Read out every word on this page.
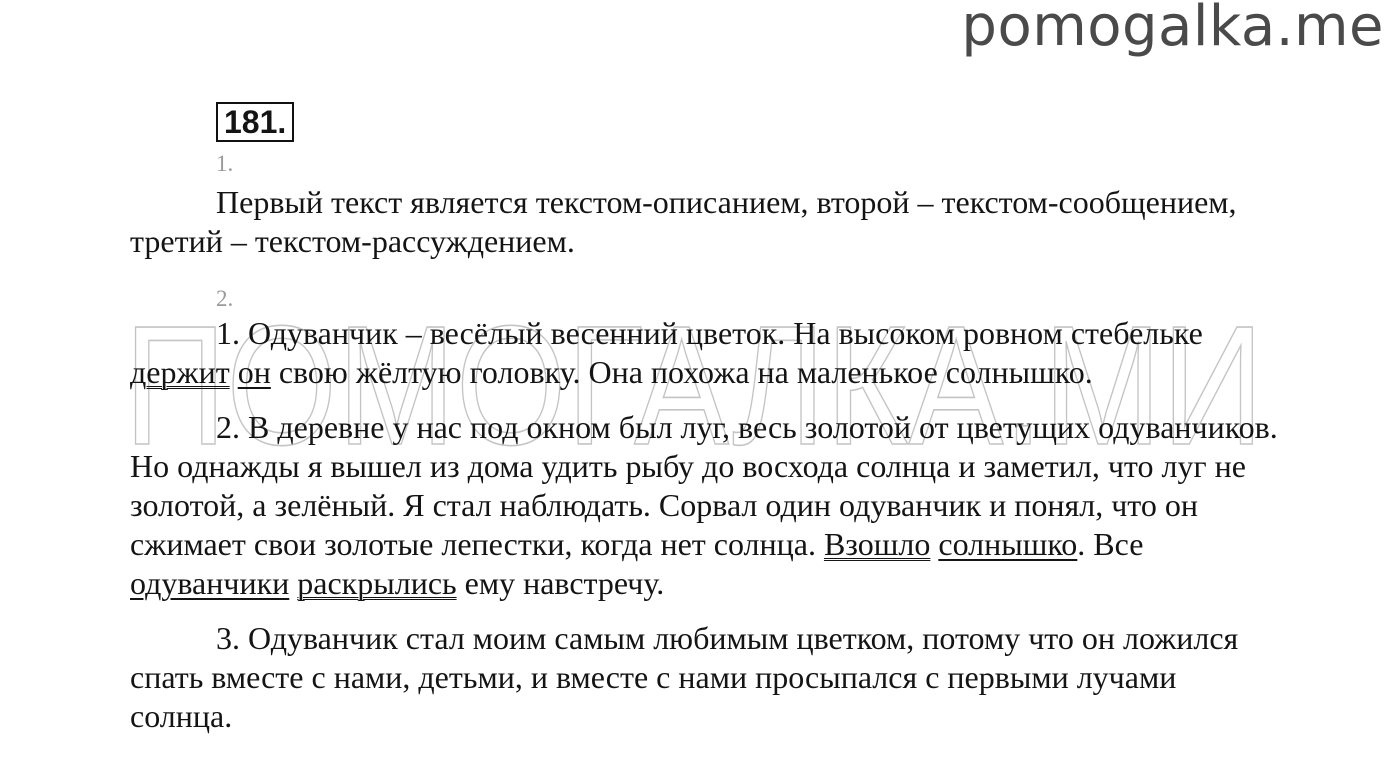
pomogalka.me
ПОМОГАЛКА.МИ
181.
1.

Первый текст является текстом-описанием, второй – текстом-сообщением, третий – текстом-рассуждением.

2.

1. Одуванчик – весёлый весенний цветок. На высоком ровном стебельке держит он свою жёлтую головку. Она похожа на маленькое солнышко.

2. В деревне у нас под окном был луг, весь золотой от цветущих одуванчиков. Но однажды я вышел из дома удить рыбу до восхода солнца и заметил, что луг не золотой, а зелёный. Я стал наблюдать. Сорвал один одуванчик и понял, что он сжимает свои золотые лепестки, когда нет солнца. Взошло солнышко. Все одуванчики раскрылись ему навстречу.

3. Одуванчик стал моим самым любимым цветком, потому что он ложился спать вместе с нами, детьми, и вместе с нами просыпался с первыми лучами солнца.
